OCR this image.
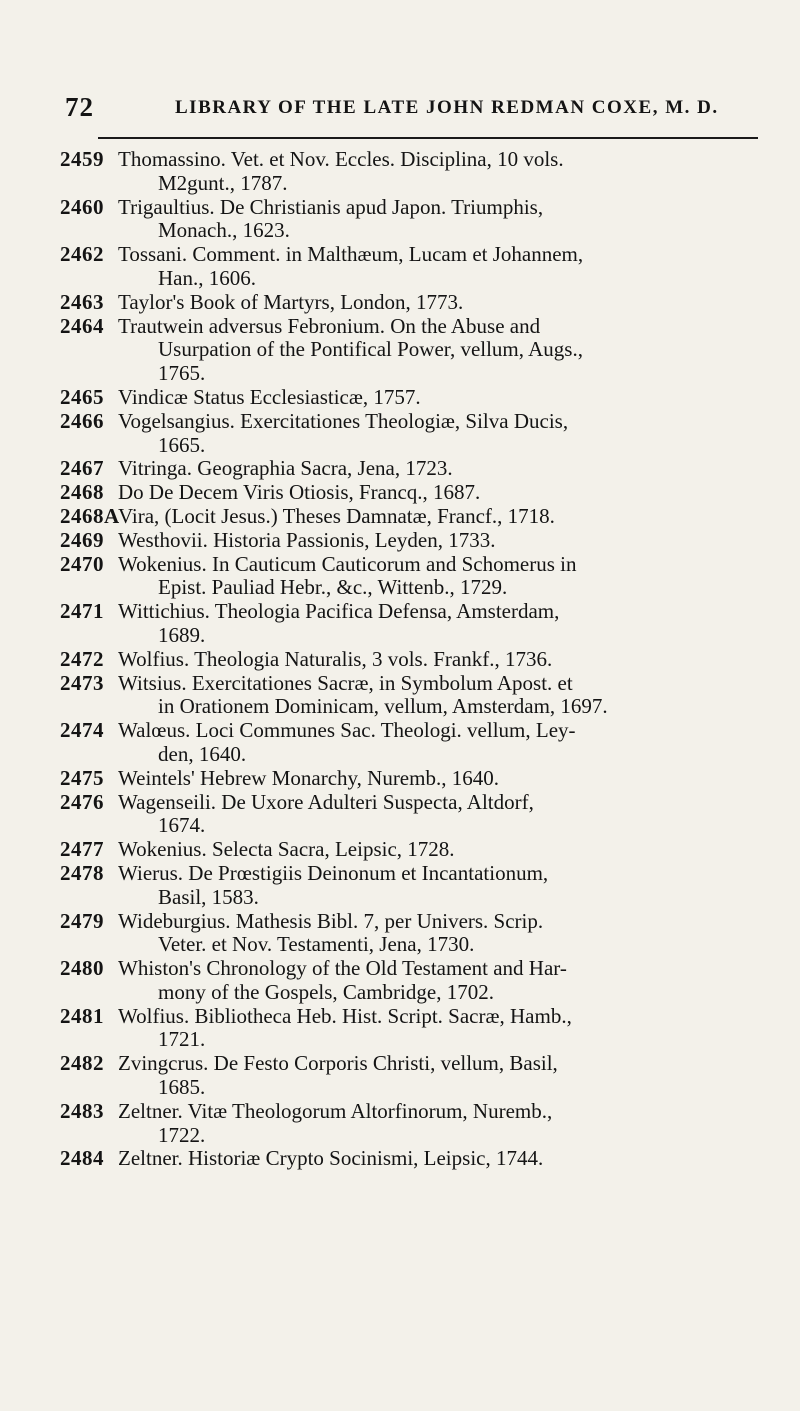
72	LIBRARY OF THE LATE JOHN REDMAN COXE, M. D.
2459 Thomassino. Vet. et Nov. Eccles. Disciplina, 10 vols.
M2gunt., 1787.
2460 Trigaultius. De Christianis apud Japon. Triumphis,
Monach., 1623.
2462 Tossani. Comment. in Malthæum, Lucam et Johannem,
Han., 1606.
2463 Taylor's Book of Martyrs, London, 1773.
2464 Trautwein adversus Febronium. On the Abuse and
Usurpation of the Pontifical Power, vellum, Augs.,
1765.
2465 Vindicæ Status Ecclesiasticæ, 1757.
2466 Vogelsangius. Exercitationes Theologiæ, Silva Ducis,
1665.
2467 Vitringa. Geographia Sacra, Jena, 1723.
2468 Do De Decem Viris Otiosis, Francq., 1687.
2468A
Vira, (Locit Jesus.) Theses Damnatæ, Francf., 1718.
2469 Westhovii. Historia Passionis, Leyden, 1733.
2470 Wokenius. In Cauticum Cauticorum and Schomerus in
Epist. Pauliad Hebr., &c., Wittenb., 1729.
2471 Wittichius. Theologia Pacifica Defensa, Amsterdam,
1689.
2472 Wolfius. Theologia Naturalis, 3 vols. Frankf., 1736.
2473 Witsius. Exercitationes Sacræ, in Symbolum Apost. et
in Orationem Dominicam, vellum, Amsterdam, 1697.
2474 Walœus. Loci Communes Sac. Theologi. vellum, Ley-
den, 1640.
2475 Weintels' Hebrew Monarchy, Nuremb., 1640.
2476 Wagenseili. De Uxore Adulteri Suspecta, Altdorf,
1674.
2477 Wokenius. Selecta Sacra, Leipsic, 1728.
2478 Wierus. De Prœstigiis Deinonum et Incantationum,
Basil, 1583.
2479 Wideburgius. Mathesis Bibl. 7, per Univers. Scrip.
Veter. et Nov. Testamenti, Jena, 1730.
2480 Whiston's Chronology of the Old Testament and Har-
mony of the Gospels, Cambridge, 1702.
2481 Wolfius. Bibliotheca Heb. Hist. Script. Sacræ, Hamb.,
1721.
2482 Zvingcrus. De Festo Corporis Christi, vellum, Basil,
1685.
2483 Zeltner. Vitæ Theologorum Altorfinorum, Nuremb.,
1722.
2484 Zeltner. Historiæ Crypto Socinismi, Leipsic, 1744.
